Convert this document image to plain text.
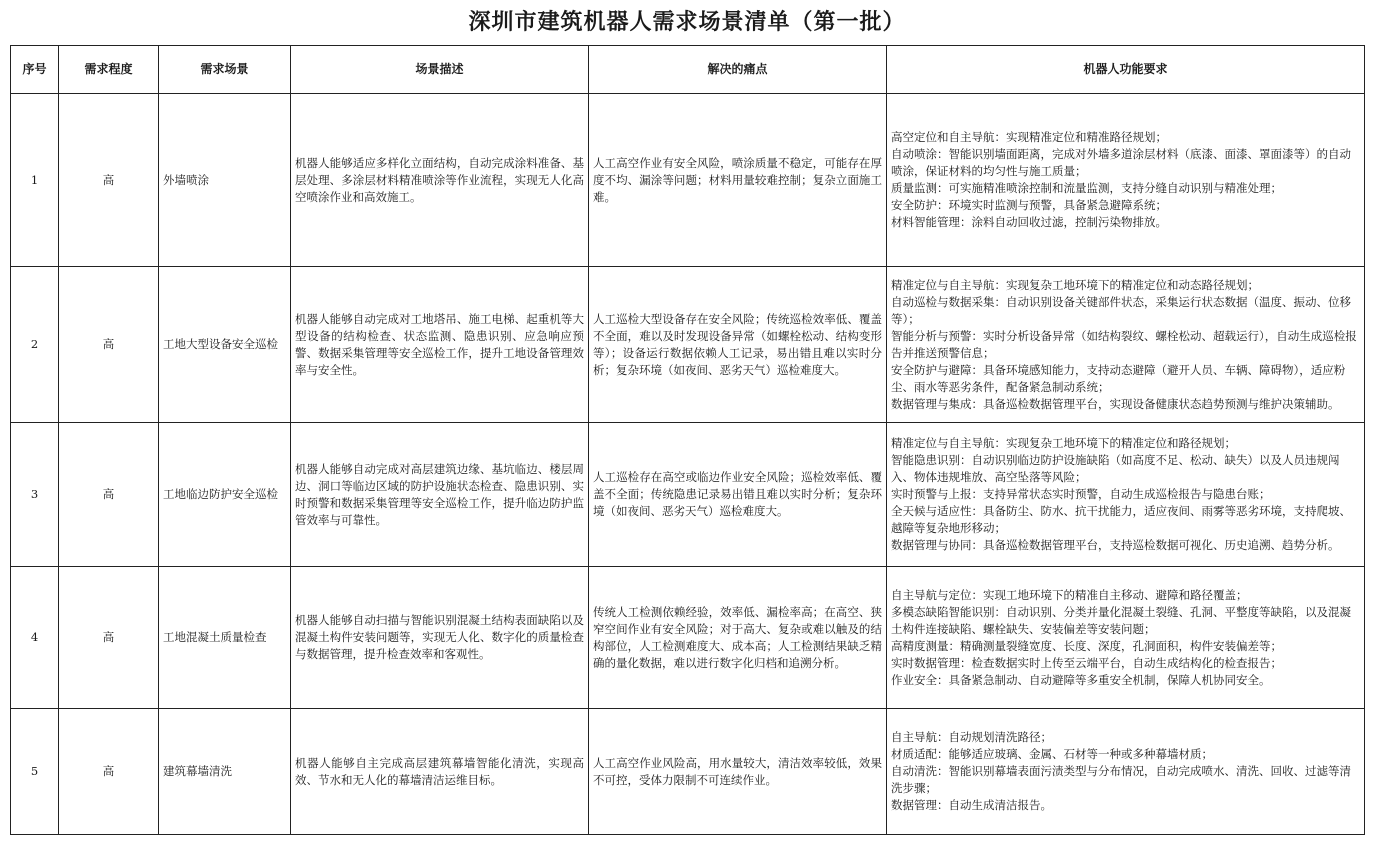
深圳市建筑机器人需求场景清单（第一批）
序号	需求程度	需求场景	场景描述	解决的痛点	机器人功能要求
1	高	外墙喷涂	机器人能够适应多样化立面结构，自动完成涂料准备、基层处理、多涂层材料精准喷涂等作业流程，实现无人化高空喷涂作业和高效施工。	人工高空作业有安全风险，喷涂质量不稳定，可能存在厚度不均、漏涂等问题；材料用量较难控制；复杂立面施工难。	高空定位和自主导航：实现精准定位和精准路径规划；
自动喷涂：智能识别墙面距离，完成对外墙多道涂层材料（底漆、面漆、罩面漆等）的自动喷涂，保证材料的均匀性与施工质量；
质量监测：可实施精准喷涂控制和流量监测，支持分缝自动识别与精准处理；
安全防护：环境实时监测与预警，具备紧急避障系统；
材料智能管理：涂料自动回收过滤，控制污染物排放。

2	高	工地大型设备安全巡检	机器人能够自动完成对工地塔吊、施工电梯、起重机等大型设备的结构检查、状态监测、隐患识别、应急响应预警、数据采集管理等安全巡检工作，提升工地设备管理效率与安全性。	人工巡检大型设备存在安全风险；传统巡检效率低、覆盖不全面，难以及时发现设备异常（如螺栓松动、结构变形等）；设备运行数据依赖人工记录，易出错且难以实时分析；复杂环境（如夜间、恶劣天气）巡检难度大。	精准定位与自主导航：实现复杂工地环境下的精准定位和动态路径规划；
自动巡检与数据采集：自动识别设备关键部件状态，采集运行状态数据（温度、振动、位移等）；
智能分析与预警：实时分析设备异常（如结构裂纹、螺栓松动、超载运行），自动生成巡检报告并推送预警信息；
安全防护与避障：具备环境感知能力，支持动态避障（避开人员、车辆、障碍物），适应粉尘、雨水等恶劣条件，配备紧急制动系统；
数据管理与集成：具备巡检数据管理平台，实现设备健康状态趋势预测与维护决策辅助。

3	高	工地临边防护安全巡检	机器人能够自动完成对高层建筑边缘、基坑临边、楼层周边、洞口等临边区域的防护设施状态检查、隐患识别、实时预警和数据采集管理等安全巡检工作，提升临边防护监管效率与可靠性。	人工巡检存在高空或临边作业安全风险；巡检效率低、覆盖不全面；传统隐患记录易出错且难以实时分析；复杂环境（如夜间、恶劣天气）巡检难度大。	精准定位与自主导航：实现复杂工地环境下的精准定位和路径规划；
智能隐患识别：自动识别临边防护设施缺陷（如高度不足、松动、缺失）以及人员违规闯入、物体违规堆放、高空坠落等风险；
实时预警与上报：支持异常状态实时预警，自动生成巡检报告与隐患台账；
全天候与适应性：具备防尘、防水、抗干扰能力，适应夜间、雨雾等恶劣环境，支持爬坡、越障等复杂地形移动；
数据管理与协同：具备巡检数据管理平台，支持巡检数据可视化、历史追溯、趋势分析。

4	高	工地混凝土质量检查	机器人能够自动扫描与智能识别混凝土结构表面缺陷以及混凝土构件安装问题等，实现无人化、数字化的质量检查与数据管理，提升检查效率和客观性。	传统人工检测依赖经验，效率低、漏检率高；在高空、狭窄空间作业有安全风险；对于高大、复杂或难以触及的结构部位，人工检测难度大、成本高；人工检测结果缺乏精确的量化数据，难以进行数字化归档和追溯分析。	自主导航与定位：实现工地环境下的精准自主移动、避障和路径覆盖；
多模态缺陷智能识别：自动识别、分类并量化混凝土裂缝、孔洞、平整度等缺陷，以及混凝土构件连接缺陷、螺栓缺失、安装偏差等安装问题；
高精度测量：精确测量裂缝宽度、长度、深度，孔洞面积，构件安装偏差等；
实时数据管理：检查数据实时上传至云端平台，自动生成结构化的检查报告；
作业安全：具备紧急制动、自动避障等多重安全机制，保障人机协同安全。

5	高	建筑幕墙清洗	机器人能够自主完成高层建筑幕墙智能化清洗，实现高效、节水和无人化的幕墙清洁运维目标。	人工高空作业风险高，用水量较大，清洁效率较低，效果不可控，受体力限制不可连续作业。	自主导航：自动规划清洗路径；
材质适配：能够适应玻璃、金属、石材等一种或多种幕墙材质；
自动清洗：智能识别幕墙表面污渍类型与分布情况，自动完成喷水、清洗、回收、过滤等清洗步骤；
数据管理：自动生成清洁报告。
